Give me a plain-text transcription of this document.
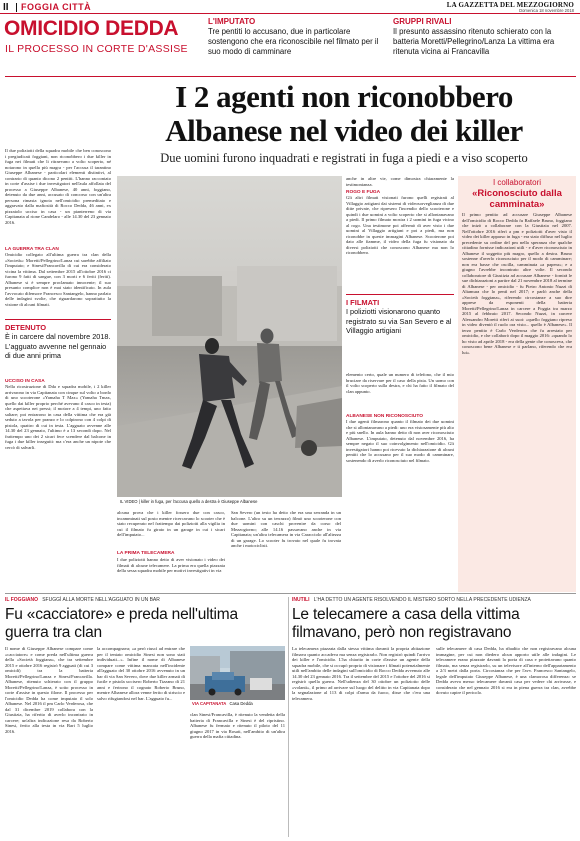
II FOGGIA CITTÀ	LA GAZZETTA DEL MEZZOGIORNO
Domenica 18 novembre 2018
OMICIDIO DEDDA
IL PROCESSO IN CORTE D'ASSISE
L'IMPUTATO
Tre pentiti lo accusano, due in particolare sostengono che era riconoscibile nel filmato per il suo modo di camminare
GRUPPI RIVALI
Il presunto assassino ritenuto schierato con la batteria Moretti/Pellegrino/Lanza La vittima era ritenuta vicina ai Francavilla
I 2 agenti non riconobbero Albanese nel video dei killer
Due uomini furono inquadrati e registrati in fuga a piedi e a viso scoperto
Il due poliziotti della squadra mobile che ben conoscono i pregiudicati foggiani, non riconobbero i due killer in fuga nei filmati che li ritraevano a volto scoperto, né notarono in quella più magra - per l'accusa il tarantino Giuseppe Albanese - particolari elementi distintivi, al contrario di quanto dicono 2 pentiti. L'hanno raccontato in corte d'assise i due investigatori nell'aula affollata del processo a Giuseppe Albanese, 40 anni, foggiano, detenuto da due anni, accusato di concorso con un'altra persona rimasta ignota nell'omicidio premeditato e aggravato dalla mafiosità di Rocco Dedda, 46 anni, ex pizzaiolo ucciso in casa - un pianterreno di via Capitanata al rione Candelaro - alle 14.30 del 23 gennaio 2016.
LA GUERRA TRA CLAN
Omicidio collegato all'ultima guerra tra clan della «Società»: Moretti/Pellegrino/Lanza cui sarebbe affiliato l'imputato; e Sinesi/Francavilla di cui era considerato vicina la vittima. Dal settembre 2015 all'ottobre 2016 ci furono 9 fatti di sangue, con 3 morti e 6 feriti (feriti). Albanese si è sempre proclamato innocente; il suo presunto complice non è mai stato identificato. In aula l'avvocato difensore Francesco Santangelo, hanno parlato delle indagini svolte, che riguardarono soprattutto la visione di alcuni filmati.
DETENUTO
È in carcere dal novembre 2018. L'agguato avvenne nel gennaio di due anni prima
UCCISO IN CASA
Nella ricostruzione di Dda e squadra mobile, i 2 killer arrivarono in via Capitanata con cinque sul volto a bordo di uno scooterone «Yamaha T Max» (Yamaha Tmax, quello dai killer proprio perché avevano il casco in testa) che aspettava nei pressi; il motore a 4 tempi, uno fatto saltare; poi entrarono in casa della vittima che era già seduto a tavola per pranzo e lo colpirono con 4 colpi di pistola, quattro di cui in testa. L'agguato avvenne alle 14.30 del 23 gennaio, l'ultimo è a 13 secondi dopo. Nel frattempo uno dei 2 sicari fece scendere dal balcone in fuga i due killer inseguiti: ma c'era anche un nipote che cercò di salvarli.
IL VIDEO | killer in fuga, per l'accusa quello a destra è Giuseppe Albanese
alcuna prova che i killer fossero due con casco, incamminati sul posto mentre ricercavano lo scooter che è stato recuperato nel frattempo dai poliziotti alla vigilia in cui il filmato fu girato in un garage in cui i sicari dell'imputato...
LA PRIMA TELECAMERA
I due poliziotti hanno detto di aver visionato i video dei filmati di alcune telecamere. La prima era quella piazzata della sessa squadra mobile per motivi investigativi in via
San Severo (un testo ha detto che era una serranda in un balcone. L'altro su un terrazzo) filmò uno scooterone con due uomini con caschi provenire da corso del Mezzogiorno; alle 14.16 passavano anche in via Capitanata; un'altra telecamera in via Caracciolo all'altezza di un garage. Lo scooter fu trovato nel quale fu trovata anche i motociclisti.
anche in altre vie, come dimostra chiaramente la testimonianza.
ROGO E FUGA
Gli altri filmati visionati furono quelli registrati al Villaggio artigiani dai sistemi di videosorveglianza di due ditte private, che ripresero l'incendio dello scooterone e quindi i due uomini a volto scoperto che si allontanavano a piedi. Il primo filmato mostra i 2 uomini in fuga vicino al rogo. Una testimone poi affermò di aver visto i due uomini al Villaggio artigiani e poi a piedi, ma non riconobbe in queste immagini Albanese. Scooterone poi dato alle fiamme, il video della fuga fu visionato da diversi poliziotti che conoscono Albanese ma non lo riconobbero.
I FILMATI
I poliziotti visionarono quanto registrato su via San Severo e al Villaggio artigiani
elemento certo, quale un numero di telefono, che il mio bruciare da riservare per il caso della pista. Un uomo con il volto scoperto sulla destra, e chi ha fatto il filmato del clan appunto.
ALBANESE NON RICONOSCIUTO
I due agenti filmarono quanto il filmato dei due uomini che si allontanavano a piedi: uno era vistosamente più alto e più snello. In aula hanno detto di non aver riconosciuto Albanese. L'imputato, detenuto dal novembre 2016, ha sempre negato il suo coinvolgimento nell'omicidio. Gli investigatori hanno poi ricevuto la dichiarazione di alcuni pentiti che lo accusano per il suo modo di camminare, sostenendo di averlo riconosciuto nel filmato.
I collaboratori
«Riconosciuto dalla camminata»
Il primo pentito ad accusare Giuseppe Albanese dell'omicidio di Rocco Dedda fu Raffaele Bruno, foggiano che inizò a collaborare con la Giustizia nel 2007. Nell'ottobre 2016 riferì a pm e poliziotti d'aver visto il video dei killer apparso in fuga - era stato diffuso nel luglio precedente su ordine del pm nella speranza che qualche cittadino fornisse indicazioni utili - e d'aver riconosciuto in Albanese il soggetto più magro, quello a destra. Bruno sostenne d'averlo riconosciuto per il modo di camminare; non era basse che oscilla, camminata «a papera»; e a giugno l'avrebbe incontrato altre volte. Il secondo collaboratore di Giustizia ad accusare Albanese - fornirà le sue dichiarazioni a partire dal 21 novembre 2018 al termine di Albanese - per omicidio - fu Pietro Antonio Nuzzi di Altamura che lo pentì nel 2017; e parlò anche della «Società foggiana», riferendo circostanze a suo dire apprese da esponenti della batteria Moretti/Pellegrino/Lanza in carcere a Foggia tra marzo 2015 al febbraio 2017. Secondo Nuzzi, in carcere Alessandro Moretti riferì ai suoi: «quello foggiano ripreso in video diventò il ruolo ora visto... quello è Albanese». Il terzo pentito è Carlo Verderosa che fu arrestato per omicidio, e che collaborò dopo il maggio 2016: «quando lo ho visto ad aprile 2018 - era della gente che conosceva, che conoscono bene Albanese e ti parlano, riferendo che era lui».
IL FOGGIANO SFUGGÌ ALLA MORTE NELL'AGGUATO IN UN BAR
Fu «cacciatore» e preda nell'ultima guerra tra clan
Il nome di Giuseppe Albanese compare come «cacciatore» e come preda nell'ultima guerra della «Società foggiana», che tra settembre 2015 e ottobre 2016 registrò 9 agguati (di cui 3 omicidi) tra la batteria Moretti/Pellegrino/Lanza e Sinesi/Francavilla. Albanese, ritenuto schierato con il gruppo Moretti/Pellegrino/Lanza, è sotto processo in corte d'assise in questo filone. Il processo per l'omicidio Dedda ha come imputato il solo Albanese. Nel 2016 il pm Carlo Verderosa, che dal 31 dicembre 2019 collabora con la Giustizia, ha riferito di averlo incontrato in carcere; un'altra indicazione resa da Roberto Sinesi, ferito alla testa in via Bari 5 luglio 2016.
la accompagnava; «a però riuscì ad entrare che per il tentato omicidio Sinesi non sono stati individuati...». Infine il nome di Albanese compare come vittima mancata nell'incidente all'agguato del 30 ottobre 2016 avvenuto in un bar di via San Severo, dove due killer armati di fucile e pistola uccisero Roberto Tizzano di 21 anni e ferirono il cognato Roberto Bruno, mentre Albanese allora venne ferito di striscio e salvo rifugiandosi nel bar. L'agguato fu...
VIA CAPITANATA Casa Dedda
clan Sinesi/Francavilla, è ritenuto la vendetta della batteria di Francavilla e Sinesi è del ripristino. Albanese fu fermato e ritenuto il piloto del 11 giugno 2017 in via Rosati, nell'ambito di un'altra guerra della mafia cittadina.
INUTILI L'HA DETTO UN AGENTE RISOLVENDO IL MISTERO SORTO NELLA PRECEDENTE UDIENZA
Le telecamere a casa della vittima filmavano, però non registravano
La telecamera piazzata dalla stessa vittima davanti la propria abitazione filmava quanto accadeva ma senza registrarlo. Non registrò quindi l'arrivo dei killer e l'omicidio. L'ha chiarito in corte d'assise un agente della squadra mobile, che si occupò proprio di visionare i filmati potenzialmente utili nell'ambito delle indagini sull'omicidio di Rocco Dedda avvenuto alle 14.30 del 23 gennaio 2016. Tra il settembre del 2015 e l'ottobre del 2016 si registrò quella guerra. Nell'udienza del 30 ottobre un poliziotto delle «volanti», il primo ad arrivare sul luogo del delitto in via Capitanata dopo la segnalazione al 113 di colpi d'arma da fuoco, disse che c'era una telecamera.
sulle telecamere di casa Dedda, ha ribadito che non registravano alcuna immagine, per cui non diedero alcun apporto utile alle indagini. Le telecamere erano piazzate davanti la porta di casa e proiettavano quanto filmato, ma senza registrarlo, su un televisore all'interno dell'appartamento a 2/3 metri dalla porta. Circostanza che per l'avv. Francesco Santangelo, legale dell'imputato Giuseppe Albanese, è una clamorosa differenza: se Dedda aveva messo telecamere davanti casa per vedere chi arrivasse, e considerato che nel gennaio 2016 si era in piena guerra tra clan, avrebbe dovuto capire il pericolo.
